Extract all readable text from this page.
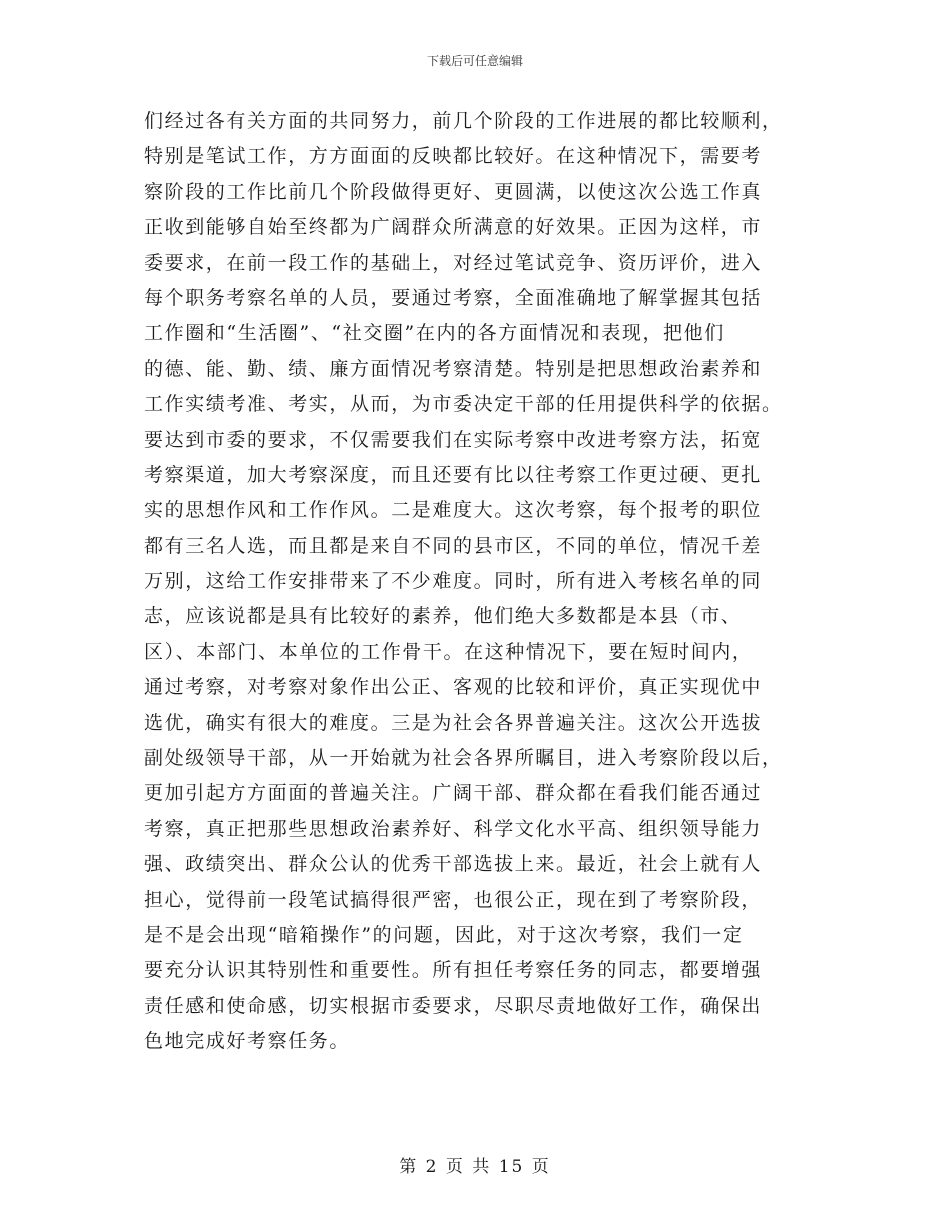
下载后可任意编辑
们经过各有关方面的共同努力，前几个阶段的工作进展的都比较顺利，
特别是笔试工作，方方面面的反映都比较好。在这种情况下，需要考
察阶段的工作比前几个阶段做得更好、更圆满，以使这次公选工作真
正收到能够自始至终都为广阔群众所满意的好效果。正因为这样，市
委要求，在前一段工作的基础上，对经过笔试竞争、资历评价，进入
每个职务考察名单的人员，要通过考察，全面准确地了解掌握其包括
工作圈和“生活圈”、“社交圈”在内的各方面情况和表现，把他们
的德、能、勤、绩、廉方面情况考察清楚。特别是把思想政治素养和
工作实绩考准、考实，从而，为市委决定干部的任用提供科学的依据。
要达到市委的要求，不仅需要我们在实际考察中改进考察方法，拓宽
考察渠道，加大考察深度，而且还要有比以往考察工作更过硬、更扎
实的思想作风和工作作风。二是难度大。这次考察，每个报考的职位
都有三名人选，而且都是来自不同的县市区，不同的单位，情况千差
万别，这给工作安排带来了不少难度。同时，所有进入考核名单的同
志，应该说都是具有比较好的素养，他们绝大多数都是本县（市、
区）、本部门、本单位的工作骨干。在这种情况下，要在短时间内，
通过考察，对考察对象作出公正、客观的比较和评价，真正实现优中
选优，确实有很大的难度。三是为社会各界普遍关注。这次公开选拔
副处级领导干部，从一开始就为社会各界所瞩目，进入考察阶段以后，
更加引起方方面面的普遍关注。广阔干部、群众都在看我们能否通过
考察，真正把那些思想政治素养好、科学文化水平高、组织领导能力
强、政绩突出、群众公认的优秀干部选拔上来。最近，社会上就有人
担心，觉得前一段笔试搞得很严密，也很公正，现在到了考察阶段，
是不是会出现“暗箱操作”的问题，因此，对于这次考察，我们一定
要充分认识其特别性和重要性。所有担任考察任务的同志，都要增强
责任感和使命感，切实根据市委要求，尽职尽责地做好工作，确保出
色地完成好考察任务。
第 2 页 共 15 页
